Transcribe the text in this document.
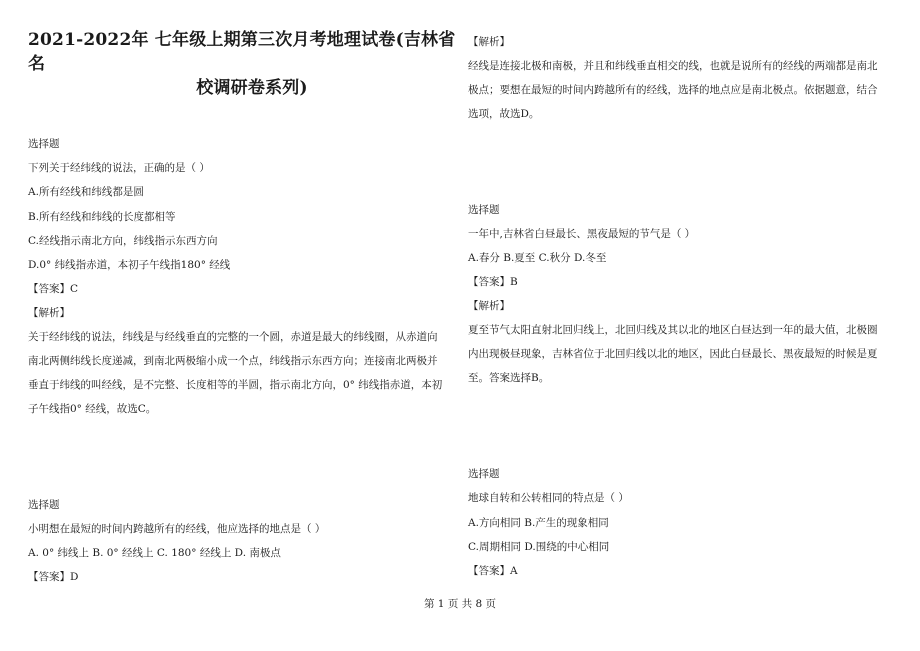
2021-2022年 七年级上期第三次月考地理试卷(吉林省名
校调研卷系列)
选择题
下列关于经纬线的说法，正确的是（ ）
A.所有经线和纬线都是圆
B.所有经线和纬线的长度都相等
C.经线指示南北方向，纬线指示东西方向
D.0° 纬线指赤道，本初子午线指180° 经线
【答案】C
【解析】
关于经纬线的说法，纬线是与经线垂直的完整的一个圆，赤道是最大的纬线圈，从赤道向
南北两侧纬线长度递减，到南北两极缩小成一个点，纬线指示东西方向；连接南北两极并
垂直于纬线的叫经线，是不完整、长度相等的半圆，指示南北方向，0° 纬线指赤道，本初
子午线指0° 经线，故选C。
选择题
小明想在最短的时间内跨越所有的经线，他应选择的地点是（ ）
A. 0° 纬线上 B. 0° 经线上 C. 180° 经线上 D. 南极点
【答案】D
【解析】
经线是连接北极和南极，并且和纬线垂直相交的线，也就是说所有的经线的两端都是南北
极点；要想在最短的时间内跨越所有的经线，选择的地点应是南北极点。依据题意，结合
选项，故选D。
选择题
一年中,吉林省白昼最长、黑夜最短的节气是（ ）
A.春分 B.夏至 C.秋分 D.冬至
【答案】B
【解析】
夏至节气太阳直射北回归线上，北回归线及其以北的地区白昼达到一年的最大值，北极圈
内出现极昼现象，吉林省位于北回归线以北的地区，因此白昼最长、黑夜最短的时候是夏
至。答案选择B。
选择题
地球自转和公转相同的特点是（ ）
A.方向相同 B.产生的现象相同
C.周期相同 D.围绕的中心相同
【答案】A
第 1 页 共 8 页
